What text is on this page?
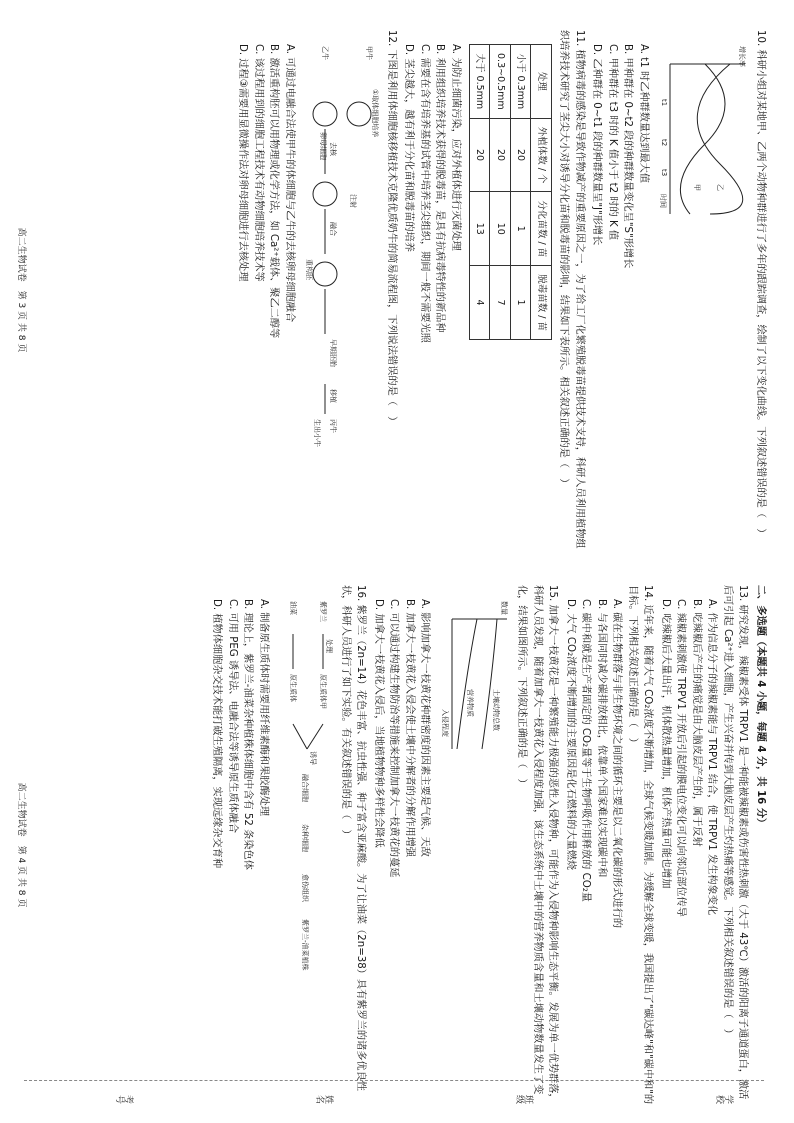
10. 科研小组对某地甲、乙两个动物种群进行了多年的跟踪调查，绘制了以下变化曲线。下列叙述错误的是（　）
增长率
时间
甲 乙
t1
t2
t3
A. t1 时乙种群数量达到最大值
B. 甲种群在 0~t2 段的种群数量变化呈"S"形增长
C. 甲种群在 t3 时的 K 值小于 t2 时的 K 值
D. 乙种群在 0~t1 段的种群数量呈"J"形增长
11. 植物病毒的感染是导致作物减产的重要原因之一，为了给工厂化繁殖脱毒苗提供技术支持，科研人员利用植物组织培养技术研究了茎尖大小对诱导分化苗和脱毒苗的影响，结果如下表所示。相关叙述正确的是（　）
处理	外植体数 / 个	分化苗数 / 苗	脱毒苗数 / 苗
小于 0.3mm	20	1	1
0.3~0.5mm	20	10	7
大于 0.5mm	20	13	4
A. 为防止细菌污染，应对外植体进行灭菌处理
B. 利用组织培养技术获得的脱毒苗，是具有抗病毒特性的新品种
C. 需要在含有培养基的试管中培养茎尖组织，期间一般不需要光照
D. 茎尖越大，越有利于分化苗和脱毒苗的培养
12. 下图是利用体细胞核移植技术克隆优质奶牛的简易流程图，下列说法错误的是（　）
甲牛
乙牛
①取体细胞培养
卵母细胞 去核
注射
融合
重构胚
早期胚胎
移植
丙牛
生出小牛
A. 可通过电融合法使甲牛的体细胞与乙牛的去核卵母细胞融合
B. 激活重构胚可以用物理或化学方法，如 Ca²⁺载体、聚乙二醇等
C. 该过程用到的细胞工程技术有动物细胞培养技术等
D. 过程③需要用显微操作法对卵母细胞进行去核处理
高二生物试卷　第 3 页 共 8 页
二、多选题（本题共 4 小题，每题 4 分，共 16 分）
13. 研究发现，辣椒素受体 TRPV1 是一种能被辣椒素或伤害性热刺激（大于 43℃）激活的阳离子通道蛋白，激活后可引起 Ca²⁺进入细胞，产生兴奋并传到大脑皮层产生灼热痛等感觉。下列相关叙述错误的是（　）
A. 作为信息分子的辣椒素能与 TRPV1 结合，使 TRPV1 发生构象变化
B. 吃辣椒后产生的痛觉是由大脑皮层产生的，属于反射
C. 辣椒素刺激使 TRPV1 开放后引起的膜电位变化可以向邻近部位传导
D. 吃辣椒后大量出汗，机体散热量增加，机体产热量可能也增加
14. 近年来，随着大气 CO₂浓度不断增加，全球气候变暖加剧。为缓解全球变暖，我国提出了"碳达峰"和"碳中和"的目标。下列相关叙述正确的是（　）
A. 碳在生物群落与非生物环境之间的循环主要是以二氧化碳的形式进行的
B. 与各国同时减少碳排放相比，依靠单个国家难以实现碳中和
C. 碳中和就是生产者固定的 CO₂量等于生物呼吸作用释放的 CO₂量
D. 大气 CO₂浓度不断增加的主要原因是化石燃料的大量燃烧
15. 加拿大一枝黄花是一种繁殖能力极强的恶性入侵物种，可能作为入侵物种影响生态平衡。发展为单一优势群落，科研人员发现，随着加拿大一枝黄花入侵程度加强，该生态系统中土壤中的营养物质含量和土壤动物数量发生了变化，结果如图所示。下列叙述正确的是（　）
数量
入侵程度	土壤动物总数
营养物质
A. 影响加拿大一枝黄花种群密度的因素主要是气候、天敌
B. 加拿大一枝黄花入侵会使土壤中分解者的分解作用增强
C. 可以通过构建生物防治等措施来控制加拿大一枝黄花的蔓延
D. 加拿大一枝黄花入侵后，当地植物物种多样性会降低
16. 紫罗兰（2n=14）花色丰富、抗虫性强、种子富含亚麻酸。为了让油菜（2n=38）具有紫罗兰的诸多优良性状，科研人员进行了如下实验。有关叙述错误的是（　）
紫罗兰
油菜
处理
原生质体甲
原生质体
诱导
融合细胞
杂种细胞
愈伤组织
紫罗兰-油菜植株
A. 制备原生质体时需要用纤维素酶和果胶酶处理
B. 理论上，紫罗兰-油菜杂种植株体细胞中含有 52 条染色体
C. 可用 PEG 诱导法、电融合法等诱导原生质体融合
D. 植物体细胞杂交技术能打破生殖隔离，实现远缘杂交育种
高二生物试卷　第 4 页 共 8 页
学校
班级
姓名
考号
